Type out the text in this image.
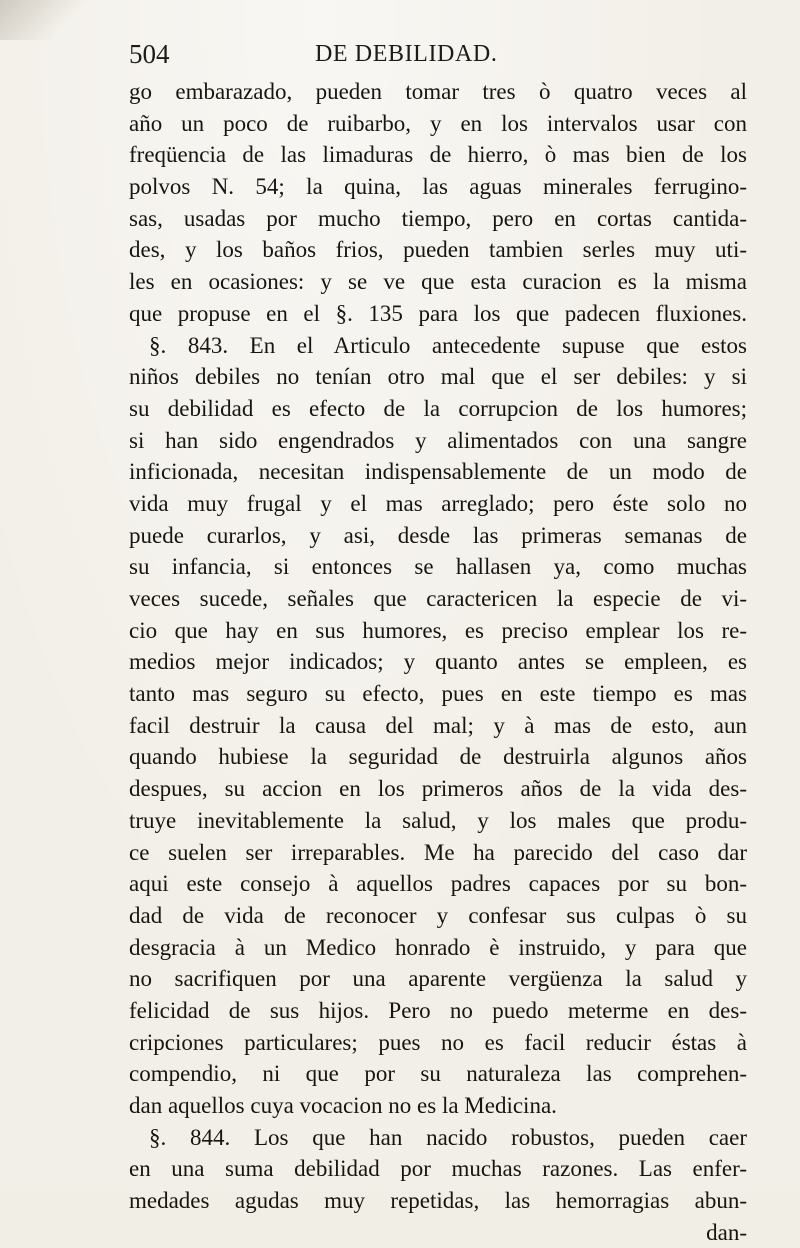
504	DE DEBILIDAD.
go embarazado, pueden tomar tres ò quatro veces al
año un poco de ruibarbo, y en los intervalos usar con
freqüencia de las limaduras de hierro, ò mas bien de los
polvos N. 54; la quina, las aguas minerales ferrugino-
sas, usadas por mucho tiempo, pero en cortas cantida-
des, y los baños frios, pueden tambien serles muy uti-
les en ocasiones: y se ve que esta curacion es la misma
que propuse en el §. 135 para los que padecen fluxiones.
§. 843. En el Articulo antecedente supuse que estos
niños debiles no tenían otro mal que el ser debiles: y si
su debilidad es efecto de la corrupcion de los humores;
si han sido engendrados y alimentados con una sangre
inficionada, necesitan indispensablemente de un modo de
vida muy frugal y el mas arreglado; pero éste solo no
puede curarlos, y asi, desde las primeras semanas de
su infancia, si entonces se hallasen ya, como muchas
veces sucede, señales que caractericen la especie de vi-
cio que hay en sus humores, es preciso emplear los re-
medios mejor indicados; y quanto antes se empleen, es
tanto mas seguro su efecto, pues en este tiempo es mas
facil destruir la causa del mal; y à mas de esto, aun
quando hubiese la seguridad de destruirla algunos años
despues, su accion en los primeros años de la vida des-
truye inevitablemente la salud, y los males que produ-
ce suelen ser irreparables. Me ha parecido del caso dar
aqui este consejo à aquellos padres capaces por su bon-
dad de vida de reconocer y confesar sus culpas ò su
desgracia à un Medico honrado è instruido, y para que
no sacrifiquen por una aparente vergüenza la salud y
felicidad de sus hijos. Pero no puedo meterme en des-
cripciones particulares; pues no es facil reducir éstas à
compendio, ni que por su naturaleza las comprehen-
dan aquellos cuya vocacion no es la Medicina.
§. 844. Los que han nacido robustos, pueden caer
en una suma debilidad por muchas razones. Las enfer-
medades agudas muy repetidas, las hemorragias abun-
dan-
